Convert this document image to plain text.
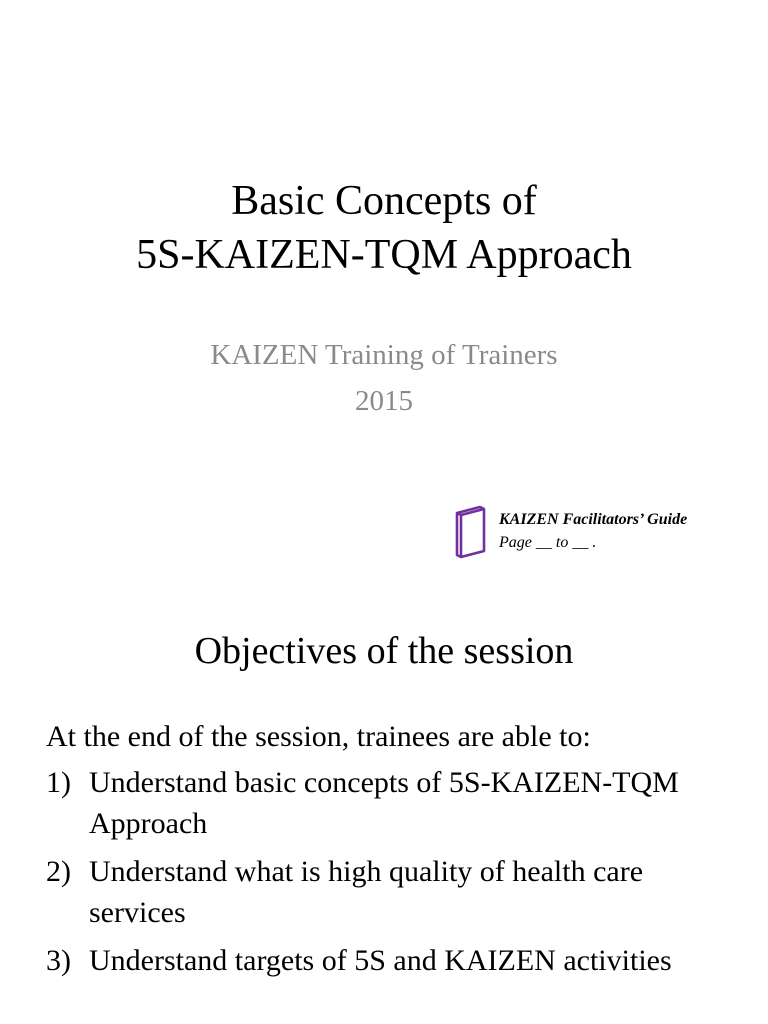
Basic Concepts of
5S-KAIZEN-TQM Approach
KAIZEN Training of Trainers
2015
KAIZEN Facilitators’ Guide
Page __ to __ .
Objectives of the session
At the end of the session, trainees are able to:
1) Understand basic concepts of 5S-KAIZEN-TQM Approach
2) Understand what is high quality of health care services
3) Understand targets of 5S and KAIZEN activities
